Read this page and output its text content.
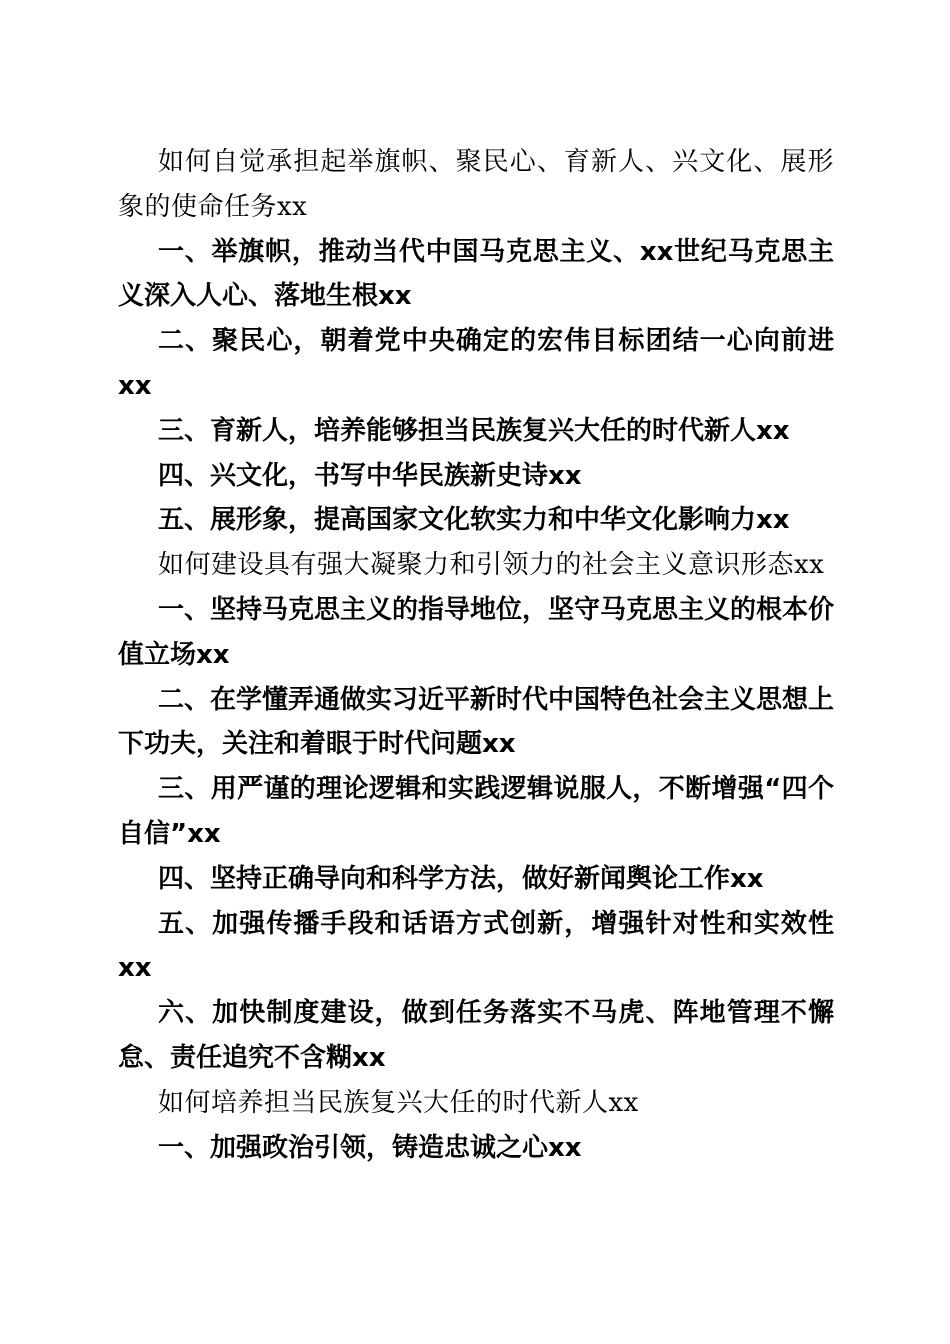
如何自觉承担起举旗帜、聚民心、育新人、兴文化、展形象的使命任务xx

一、举旗帜，推动当代中国马克思主义、xx世纪马克思主义深入人心、落地生根xx

二、聚民心，朝着党中央确定的宏伟目标团结一心向前进xx

三、育新人，培养能够担当民族复兴大任的时代新人xx

四、兴文化，书写中华民族新史诗xx

五、展形象，提高国家文化软实力和中华文化影响力xx

如何建设具有强大凝聚力和引领力的社会主义意识形态xx

一、坚持马克思主义的指导地位，坚守马克思主义的根本价值立场xx

二、在学懂弄通做实习近平新时代中国特色社会主义思想上下功夫，关注和着眼于时代问题xx

三、用严谨的理论逻辑和实践逻辑说服人，不断增强“四个自信”xx

四、坚持正确导向和科学方法，做好新闻舆论工作xx

五、加强传播手段和话语方式创新，增强针对性和实效性xx

六、加快制度建设，做到任务落实不马虎、阵地管理不懈怠、责任追究不含糊xx

如何培养担当民族复兴大任的时代新人xx

一、加强政治引领，铸造忠诚之心xx
